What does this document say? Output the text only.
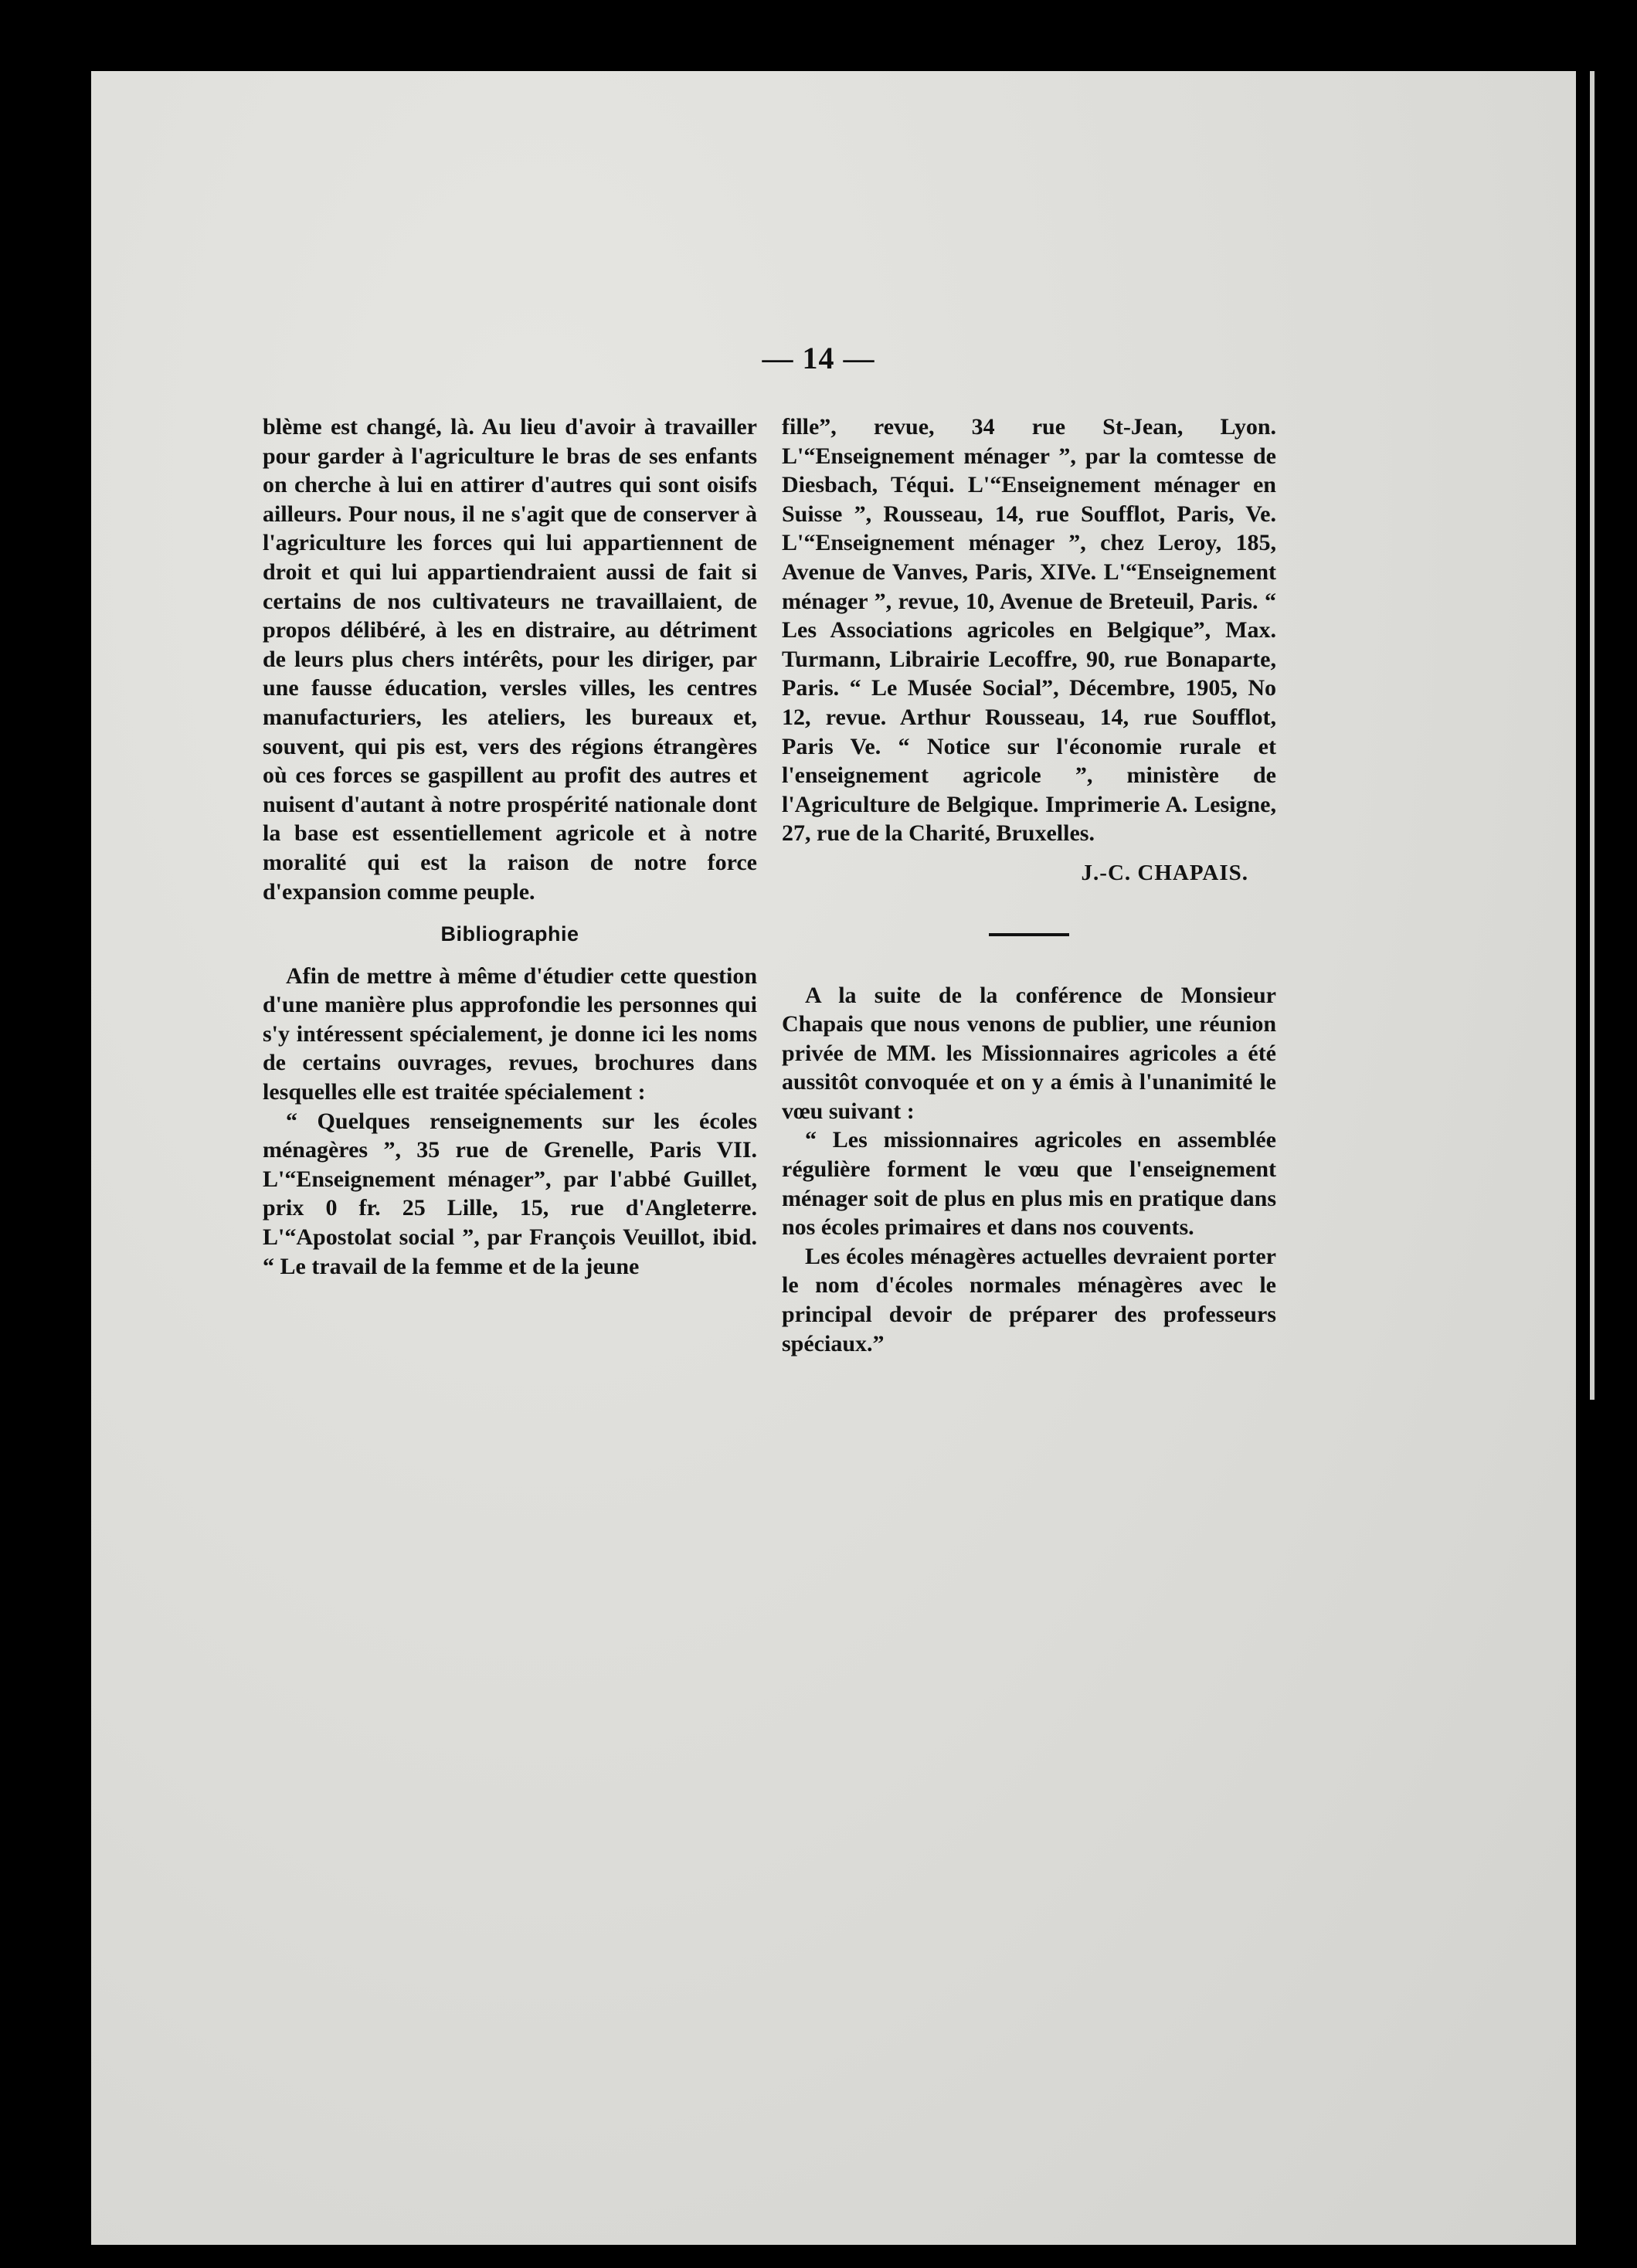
— 14 —

blème est changé, là. Au lieu d'avoir à travailler pour garder à l'agriculture le bras de ses enfants on cherche à lui en attirer d'autres qui sont oisifs ailleurs. Pour nous, il ne s'agit que de conserver à l'agriculture les forces qui lui appartiennent de droit et qui lui appartiendraient aussi de fait si certains de nos cultivateurs ne travaillaient, de propos délibéré, à les en distraire, au détriment de leurs plus chers intérêts, pour les diriger, par une fausse éducation, versles villes, les centres manufacturiers, les ateliers, les bureaux et, souvent, qui pis est, vers des régions étrangères où ces forces se gaspillent au profit des autres et nuisent d'autant à notre prospérité nationale dont la base est essentiellement agricole et à notre moralité qui est la raison de notre force d'expansion comme peuple.

Bibliographie

Afin de mettre à même d'étudier cette question d'une manière plus approfondie les personnes qui s'y intéressent spécialement, je donne ici les noms de certains ouvrages, revues, brochures dans lesquelles elle est traitée spécialement :

“ Quelques renseignements sur les écoles ménagères ”, 35 rue de Grenelle, Paris VII. L'“Enseignement ménager”, par l'abbé Guillet, prix 0 fr. 25 Lille, 15, rue d'Angleterre. L'“Apostolat social ”, par François Veuillot, ibid. “ Le travail de la femme et de la jeune

fille”, revue, 34 rue St-Jean, Lyon. L'“Enseignement ménager ”, par la comtesse de Diesbach, Téqui. L'“Enseignement ménager en Suisse ”, Rousseau, 14, rue Soufflot, Paris, Ve. L'“Enseignement ménager ”, chez Leroy, 185, Avenue de Vanves, Paris, XIVe. L'“Enseignement ménager ”, revue, 10, Avenue de Breteuil, Paris. “ Les Associations agricoles en Belgique”, Max. Turmann, Librairie Lecoffre, 90, rue Bonaparte, Paris. “ Le Musée Social”, Décembre, 1905, No 12, revue. Arthur Rousseau, 14, rue Soufflot, Paris Ve. “ Notice sur l'économie rurale et l'enseignement agricole ”, ministère de l'Agriculture de Belgique. Imprimerie A. Lesigne, 27, rue de la Charité, Bruxelles.

J.-C. CHAPAIS.

A la suite de la conférence de Monsieur Chapais que nous venons de publier, une réunion privée de MM. les Missionnaires agricoles a été aussitôt convoquée et on y a émis à l'unanimité le vœu suivant :

“ Les missionnaires agricoles en assemblée régulière forment le vœu que l'enseignement ménager soit de plus en plus mis en pratique dans nos écoles primaires et dans nos couvents.

Les écoles ménagères actuelles devraient porter le nom d'écoles normales ménagères avec le principal devoir de préparer des professeurs spéciaux.”
